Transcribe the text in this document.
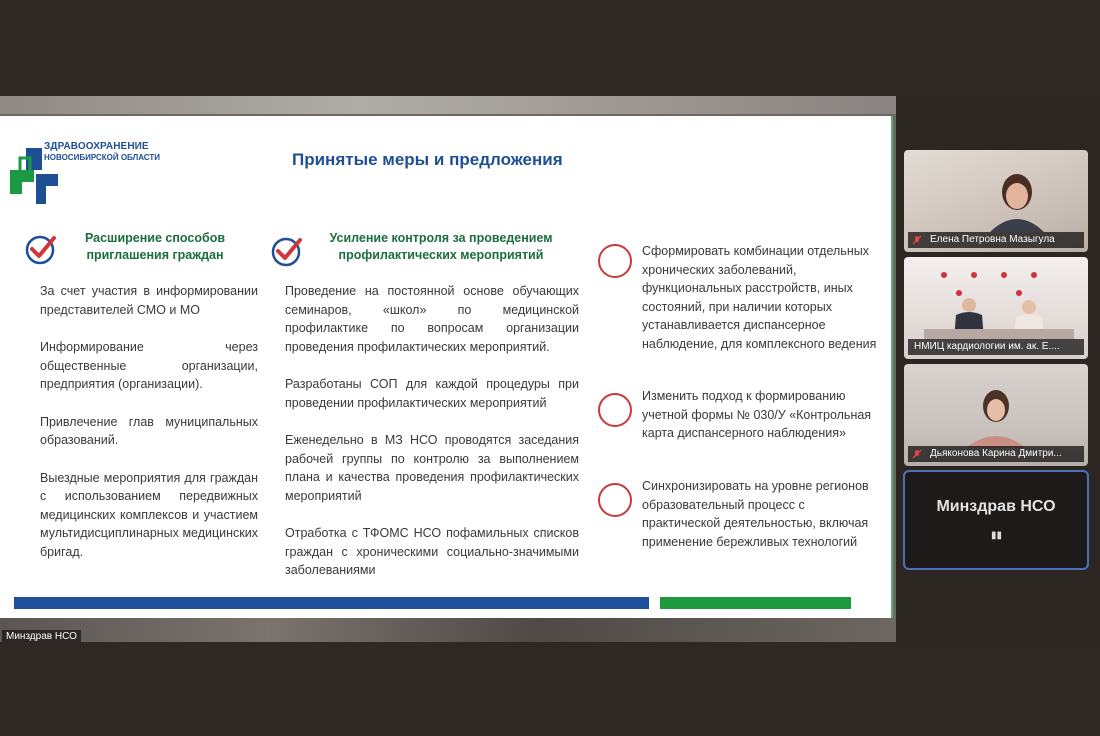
ЗДРАВООХРАНЕНИЕ
НОВОСИБИРСКОЙ ОБЛАСТИ	Принятые меры и предложения
Расширение способов приглашения граждан

За счет участия в информировании представителей СМО и МО

Информирование через общественные организации, предприятия (организации).

Привлечение глав муниципальных образований.

Выездные мероприятия для граждан с использованием передвижных медицинских комплексов и участием мультидисциплинарных медицинских бригад.

Усиление контроля за проведением профилактических мероприятий

Проведение на постоянной основе обучающих семинаров, «школ» по медицинской профилактике по вопросам организации проведения профилактических мероприятий.

Разработаны СОП для каждой процедуры при проведении профилактических мероприятий

Еженедельно в МЗ НСО проводятся заседания рабочей группы по контролю за выполнением плана и качества проведения профилактических мероприятий

Отработка с ТФОМС НСО пофамильных списков граждан с хроническими социально-значимыми заболеваниями

Сформировать комбинации отдельных хронических заболеваний, функциональных расстройств, иных состояний, при наличии которых устанавливается диспансерное наблюдение, для комплексного ведения
Изменить подход к формированию учетной формы № 030/У «Контрольная карта диспансерного наблюдения»
Синхронизировать на уровне регионов образовательный процесс с практической деятельностью, включая применение бережливых технологий
Минздрав НСО
Елена Петровна Мазыгула
НМИЦ кардиологии им. ак. Е....
Дьяконова Карина Дмитри...
Минздрав НСО
▮▮
